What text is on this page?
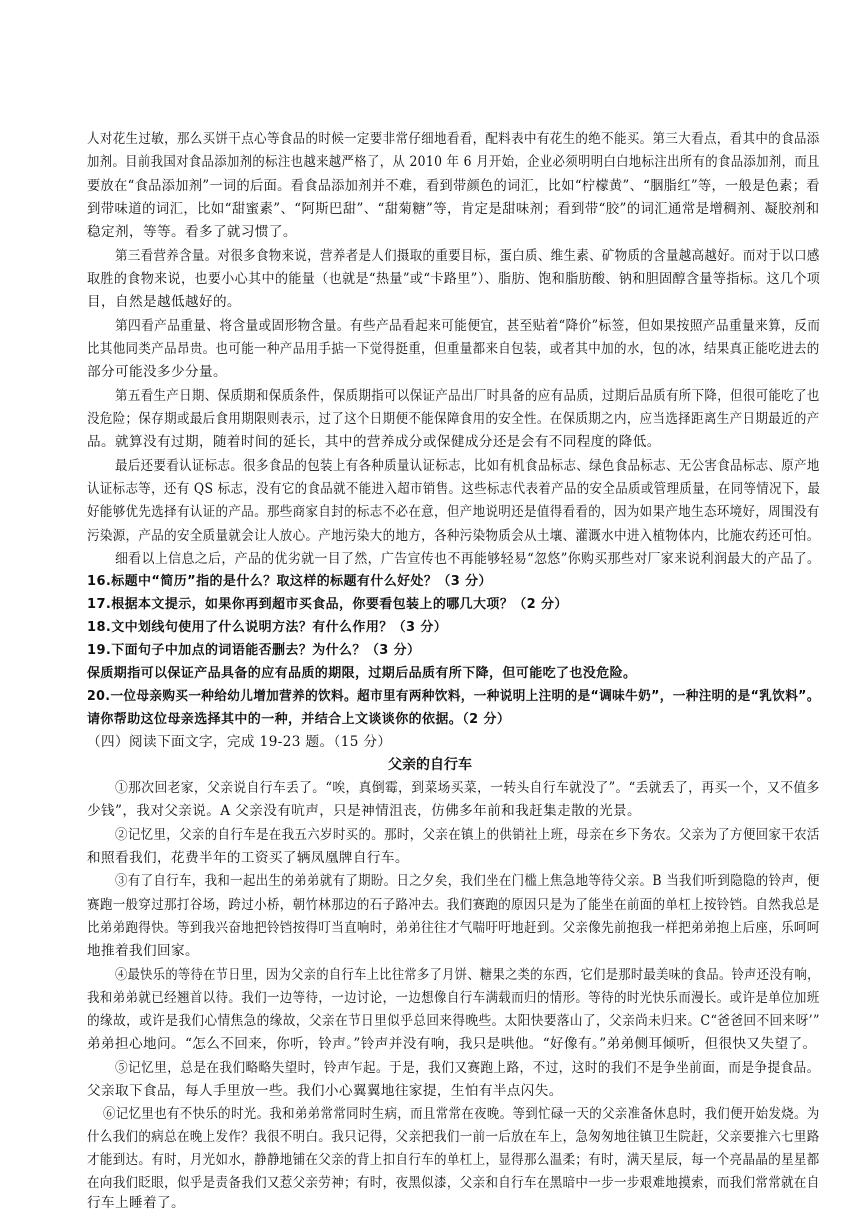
人对花生过敏，那么买饼干点心等食品的时候一定要非常仔细地看看，配料表中有花生的绝不能买。第三大看点，看其中的食品添
加剂。目前我国对食品添加剂的标注也越来越严格了，从 2010 年 6 月开始，企业必须明明白白地标注出所有的食品添加剂，而且
要放在“食品添加剂”一词的后面。看食品添加剂并不难，看到带颜色的词汇，比如“柠檬黄”、“胭脂红”等，一般是色素；看
到带味道的词汇，比如“甜蜜素”、“阿斯巴甜”、“甜菊糖”等，肯定是甜味剂；看到带“胶”的词汇通常是增稠剂、凝胶剂和
稳定剂，等等。看多了就习惯了。
第三看营养含量。对很多食物来说，营养者是人们摄取的重要目标，蛋白质、维生素、矿物质的含量越高越好。而对于以口感
取胜的食物来说，也要小心其中的能量（也就是“热量”或“卡路里”）、脂肪、饱和脂肪酸、钠和胆固醇含量等指标。这几个项
目，自然是越低越好的。
第四看产品重量、将含量或固形物含量。有些产品看起来可能便宜，甚至贴着“降价”标签，但如果按照产品重量来算，反而
比其他同类产品昂贵。也可能一种产品用手掂一下觉得挺重，但重量都来自包装，或者其中加的水，包的冰，结果真正能吃进去的
部分可能没多少分量。
第五看生产日期、保质期和保质条件，保质期指可以保证产品出厂时具备的应有品质，过期后品质有所下降，但很可能吃了也
没危险；保存期或最后食用期限则表示，过了这个日期便不能保障食用的安全性。在保质期之内，应当选择距离生产日期最近的产
品。就算没有过期，随着时间的延长，其中的营养成分或保健成分还是会有不同程度的降低。
最后还要看认证标志。很多食品的包装上有各种质量认证标志，比如有机食品标志、绿色食品标志、无公害食品标志、原产地
认证标志等，还有 QS 标志，没有它的食品就不能进入超市销售。这些标志代表着产品的安全品质或管理质量，在同等情况下，最
好能够优先选择有认证的产品。那些商家自封的标志不必在意，但产地说明还是值得看看的，因为如果产地生态环境好，周围没有
污染源，产品的安全质量就会让人放心。产地污染大的地方，各种污染物质会从土壤、灌溉水中进入植物体内，比施农药还可怕。
细看以上信息之后，产品的优劣就一目了然，广告宣传也不再能够轻易“忽悠”你购买那些对厂家来说利润最大的产品了。
16.标题中“简历”指的是什么？取这样的标题有什么好处？（3 分）
17.根据本文提示，如果你再到超市买食品，你要看包装上的哪几大项？（2 分）
18.文中划线句使用了什么说明方法？有什么作用？（3 分）
19.下面句子中加点的词语能否删去？为什么？（3 分）
保质期指可以保证产品具备的应有品质的期限，过期后品质有所下降，但可能吃了也没危险。
20.一位母亲购买一种给幼儿增加营养的饮料。超市里有两种饮料，一种说明上注明的是“调味牛奶”，一种注明的是“乳饮料”。
请你帮助这位母亲选择其中的一种，并结合上文谈谈你的依据。（2 分）
（四）阅读下面文字，完成 19-23 题。（15 分）
父亲的自行车
①那次回老家，父亲说自行车丢了。“唉，真倒霉，到菜场买菜，一转头自行车就没了”。“丢就丢了，再买一个，又不值多
少钱”，我对父亲说。A 父亲没有吭声，只是神情沮丧，仿佛多年前和我赶集走散的光景。
②记忆里，父亲的自行车是在我五六岁时买的。那时，父亲在镇上的供销社上班，母亲在乡下务农。父亲为了方便回家干农活
和照看我们，花费半年的工资买了辆凤凰牌自行车。
③有了自行车，我和一起出生的弟弟就有了期盼。日之夕矣，我们坐在门槛上焦急地等待父亲。B 当我们听到隐隐的铃声，便
赛跑一般穿过那打谷场，跨过小桥，朝竹林那边的石子路冲去。我们赛跑的原因只是为了能坐在前面的单杠上按铃铛。自然我总是
比弟弟跑得快。等到我兴奋地把铃铛按得叮当直响时，弟弟往往才气喘吁吁地赶到。父亲像先前抱我一样把弟弟抱上后座，乐呵呵
地推着我们回家。
④最快乐的等待在节日里，因为父亲的自行车上比往常多了月饼、糖果之类的东西，它们是那时最美味的食品。铃声还没有响，
我和弟弟就已经翘首以待。我们一边等待，一边讨论，一边想像自行车满载而归的情形。等待的时光快乐而漫长。或许是单位加班
的缘故，或许是我们心情焦急的缘故，父亲在节日里似乎总回来得晚些。太阳快要落山了，父亲尚未归来。C“爸爸回不回来呀’”
弟弟担心地问。“怎么不回来，你听，铃声。”铃声并没有响，我只是哄他。“好像有。”弟弟侧耳倾听，但很快又失望了。
⑤记忆里，总是在我们略略失望时，铃声乍起。于是，我们又赛跑上路，不过，这时的我们不是争坐前面，而是争提食品。
父亲取下食品，每人手里放一些。我们小心翼翼地往家提，生怕有半点闪失。
⑥记忆里也有不快乐的时光。我和弟弟常常同时生病，而且常常在夜晚。等到忙碌一天的父亲准备休息时，我们便开始发烧。为
什么我们的病总在晚上发作？我很不明白。我只记得，父亲把我们一前一后放在车上，急匆匆地往镇卫生院赶，父亲要推六七里路
才能到达。有时，月光如水，静静地铺在父亲的背上扣自行车的单杠上，显得那么温柔；有时，满天星辰，每一个亮晶晶的星星都
在向我们眨眼，似乎是责备我们又惹父亲劳神；有时，夜黑似漆，父亲和自行车在黑暗中一步一步艰难地摸索，而我们常常就在自
行车上睡着了。
